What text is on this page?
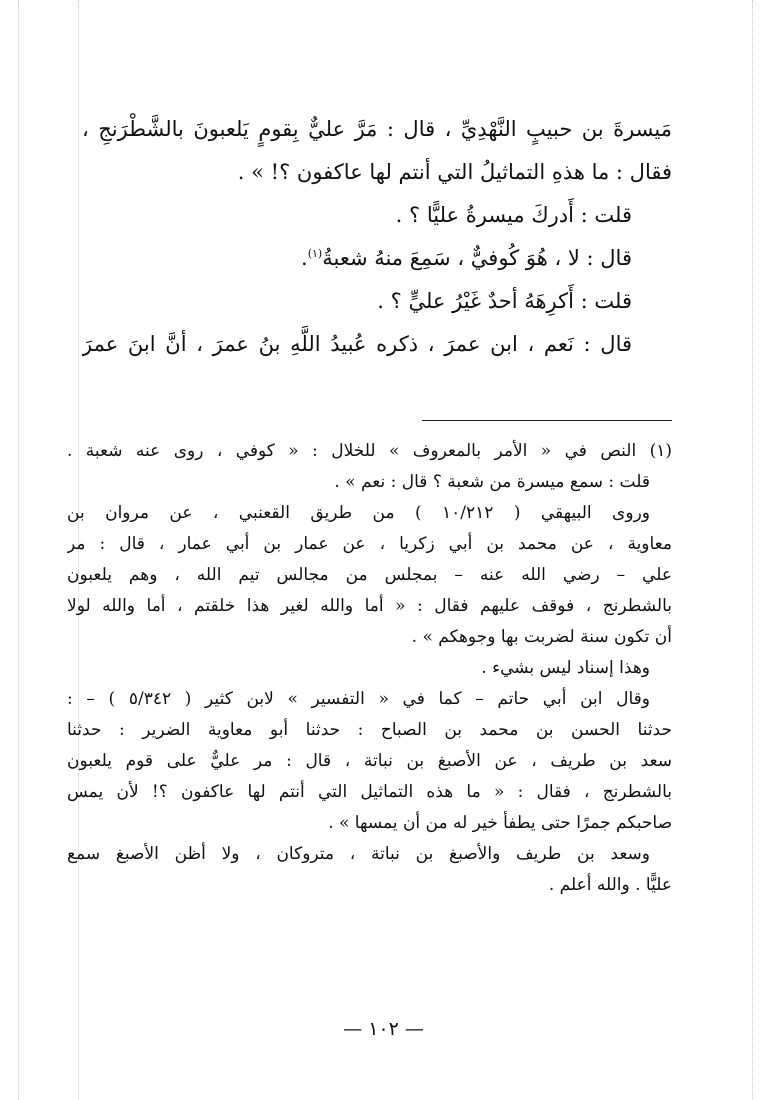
مَيسرةَ بن حبيبٍ النَّهْدِيِّ ، قال : مَرَّ عليٌّ بِقومٍ يَلعبونَ بالشَّطْرَنجِ ،
فقال : ما هذهِ التماثيلُ التي أنتم لها عاكفون ؟! » .
قلت : أَدركَ ميسرةُ عليًّا ؟ .
قال : لا ، هُوَ كُوفيٌّ ، سَمِعَ منهُ شعبةُ$^{(١)}$.
قلت : أَكرِهَهُ أحدٌ غَيْرُ عليٍّ ؟ .
قال : نَعم ، ابن عمرَ ، ذكره عُبيدُ اللَّهِ بنُ عمرَ ، أنَّ ابنَ عمرَ
(١) النص في « الأمر بالمعروف » للخلال : « كوفي ، روى عنه شعبة .
قلت : سمع ميسرة من شعبة ؟ قال : نعم » .
وروى البيهقي ( ١٠/٢١٢ ) من طريق القعنبي ، عن مروان بن
معاوية ، عن محمد بن أبي زكريا ، عن عمار بن أبي عمار ، قال : مر
علي – رضي الله عنه – بمجلس من مجالس تيم الله ، وهم يلعبون
بالشطرنج ، فوقف عليهم فقال : « أما والله لغير هذا خلقتم ، أما والله لولا
أن تكون سنة لضربت بها وجوهكم » .
وهذا إسناد ليس بشيء .
وقال ابن أبي حاتم – كما في « التفسير » لابن كثير ( ٥/٣٤٢ ) – :
حدثنا الحسن بن محمد بن الصباح : حدثنا أبو معاوية الضرير : حدثنا
سعد بن طريف ، عن الأصبغ بن نباتة ، قال : مر عليٌّ على قوم يلعبون
بالشطرنج ، فقال : « ما هذه التماثيل التي أنتم لها عاكفون ؟! لأن يمس
صاحبكم جمرًا حتى يطفأ خير له من أن يمسها » .
وسعد بن طريف والأصبغ بن نباتة ، متروكان ، ولا أظن الأصبغ سمع
عليًّا . والله أعلم .
— ١٠٢ —
